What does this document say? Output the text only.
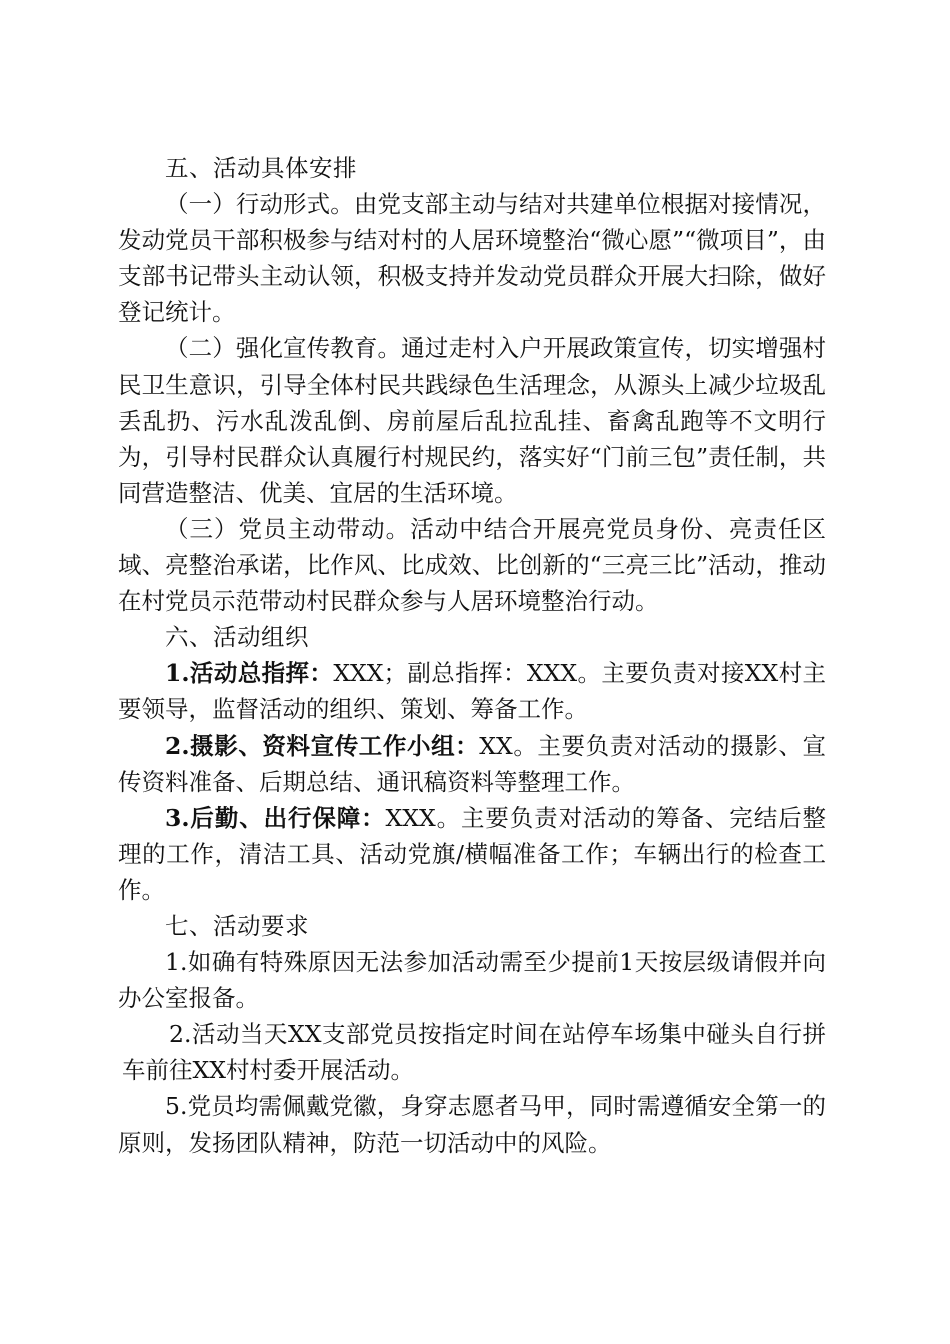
五、活动具体安排

（一）行动形式。由党支部主动与结对共建单位根据对接情况，发动党员干部积极参与结对村的人居环境整治“微心愿”“微项目”，由支部书记带头主动认领，积极支持并发动党员群众开展大扫除，做好登记统计。

（二）强化宣传教育。通过走村入户开展政策宣传，切实增强村民卫生意识，引导全体村民共践绿色生活理念，从源头上减少垃圾乱丢乱扔、污水乱泼乱倒、房前屋后乱拉乱挂、畜禽乱跑等不文明行为，引导村民群众认真履行村规民约，落实好“门前三包”责任制，共同营造整洁、优美、宜居的生活环境。

（三）党员主动带动。活动中结合开展亮党员身份、亮责任区域、亮整治承诺，比作风、比成效、比创新的“三亮三比”活动，推动在村党员示范带动村民群众参与人居环境整治行动。

六、活动组织

1.活动总指挥：XXX；副总指挥：XXX。主要负责对接XX村主要领导，监督活动的组织、策划、筹备工作。

2.摄影、资料宣传工作小组：XX。主要负责对活动的摄影、宣传资料准备、后期总结、通讯稿资料等整理工作。

3.后勤、出行保障：XXX。主要负责对活动的筹备、完结后整理的工作，清洁工具、活动党旗/横幅准备工作；车辆出行的检查工作。

七、活动要求

1.如确有特殊原因无法参加活动需至少提前1天按层级请假并向办公室报备。

2.活动当天XX支部党员按指定时间在站停车场集中碰头自行拼车前往XX村村委开展活动。

5.党员均需佩戴党徽，身穿志愿者马甲，同时需遵循安全第一的原则，发扬团队精神，防范一切活动中的风险。
